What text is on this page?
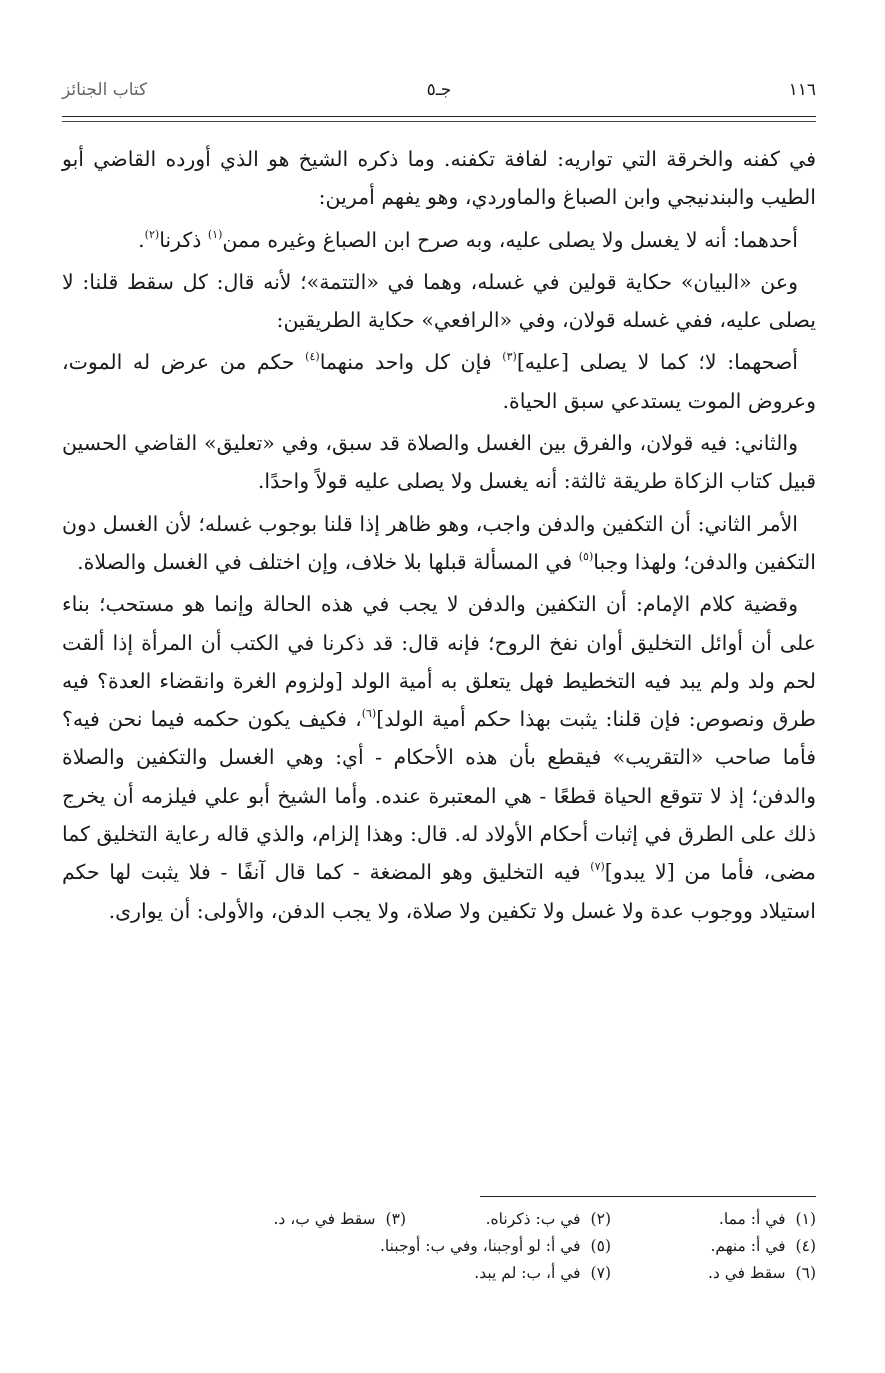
١١٦
جـ٥
كتاب الجنائز

في كفنه والخرقة التي تواريه: لفافة تكفنه. وما ذكره الشيخ هو الذي أورده القاضي أبو الطيب والبندنيجي وابن الصباغ والماوردي، وهو يفهم أمرين:

أحدهما: أنه لا يغسل ولا يصلى عليه، وبه صرح ابن الصباغ وغيره ممن$^{(١)}$ ذكرنا$^{(٢)}$.

وعن «البيان» حكاية قولين في غسله، وهما في «التتمة»؛ لأنه قال: كل سقط قلنا: لا يصلى عليه، ففي غسله قولان، وفي «الرافعي» حكاية الطريقين:

أصحهما: لا؛ كما لا يصلى [عليه]$^{(٣)}$ فإن كل واحد منهما$^{(٤)}$ حكم من عرض له الموت، وعروض الموت يستدعي سبق الحياة.

والثاني: فيه قولان، والفرق بين الغسل والصلاة قد سبق، وفي «تعليق» القاضي الحسين قبيل كتاب الزكاة طريقة ثالثة: أنه يغسل ولا يصلى عليه قولاً واحدًا.

الأمر الثاني: أن التكفين والدفن واجب، وهو ظاهر إذا قلنا بوجوب غسله؛ لأن الغسل دون التكفين والدفن؛ ولهذا وجبا$^{(٥)}$ في المسألة قبلها بلا خلاف، وإن اختلف في الغسل والصلاة.

وقضية كلام الإمام: أن التكفين والدفن لا يجب في هذه الحالة وإنما هو مستحب؛ بناء على أن أوائل التخليق أوان نفخ الروح؛ فإنه قال: قد ذكرنا في الكتب أن المرأة إذا ألقت لحم ولد ولم يبد فيه التخطيط فهل يتعلق به أمية الولد [ولزوم الغرة وانقضاء العدة؟ فيه طرق ونصوص: فإن قلنا: يثبت بهذا حكم أمية الولد]$^{(٦)}$، فكيف يكون حكمه فيما نحن فيه؟ فأما صاحب «التقريب» فيقطع بأن هذه الأحكام - أي: وهي الغسل والتكفين والصلاة والدفن؛ إذ لا تتوقع الحياة قطعًا - هي المعتبرة عنده. وأما الشيخ أبو علي فيلزمه أن يخرج ذلك على الطرق في إثبات أحكام الأولاد له. قال: وهذا إلزام، والذي قاله رعاية التخليق كما مضى، فأما من [لا يبدو]$^{(٧)}$ فيه التخليق وهو المضغة - كما قال آنفًا - فلا يثبت لها حكم استيلاد ووجوب عدة ولا غسل ولا تكفين ولا صلاة، ولا يجب الدفن، والأولى: أن يوارى.

(١)في أ: مما.
(٢)في ب: ذكرناه.
(٣)سقط في ب، د.
(٤)في أ: منهم.
(٥)في أ: لو أوجبنا، وفي ب: أوجبنا.
(٦)سقط في د.
(٧)في أ، ب: لم يبد.
